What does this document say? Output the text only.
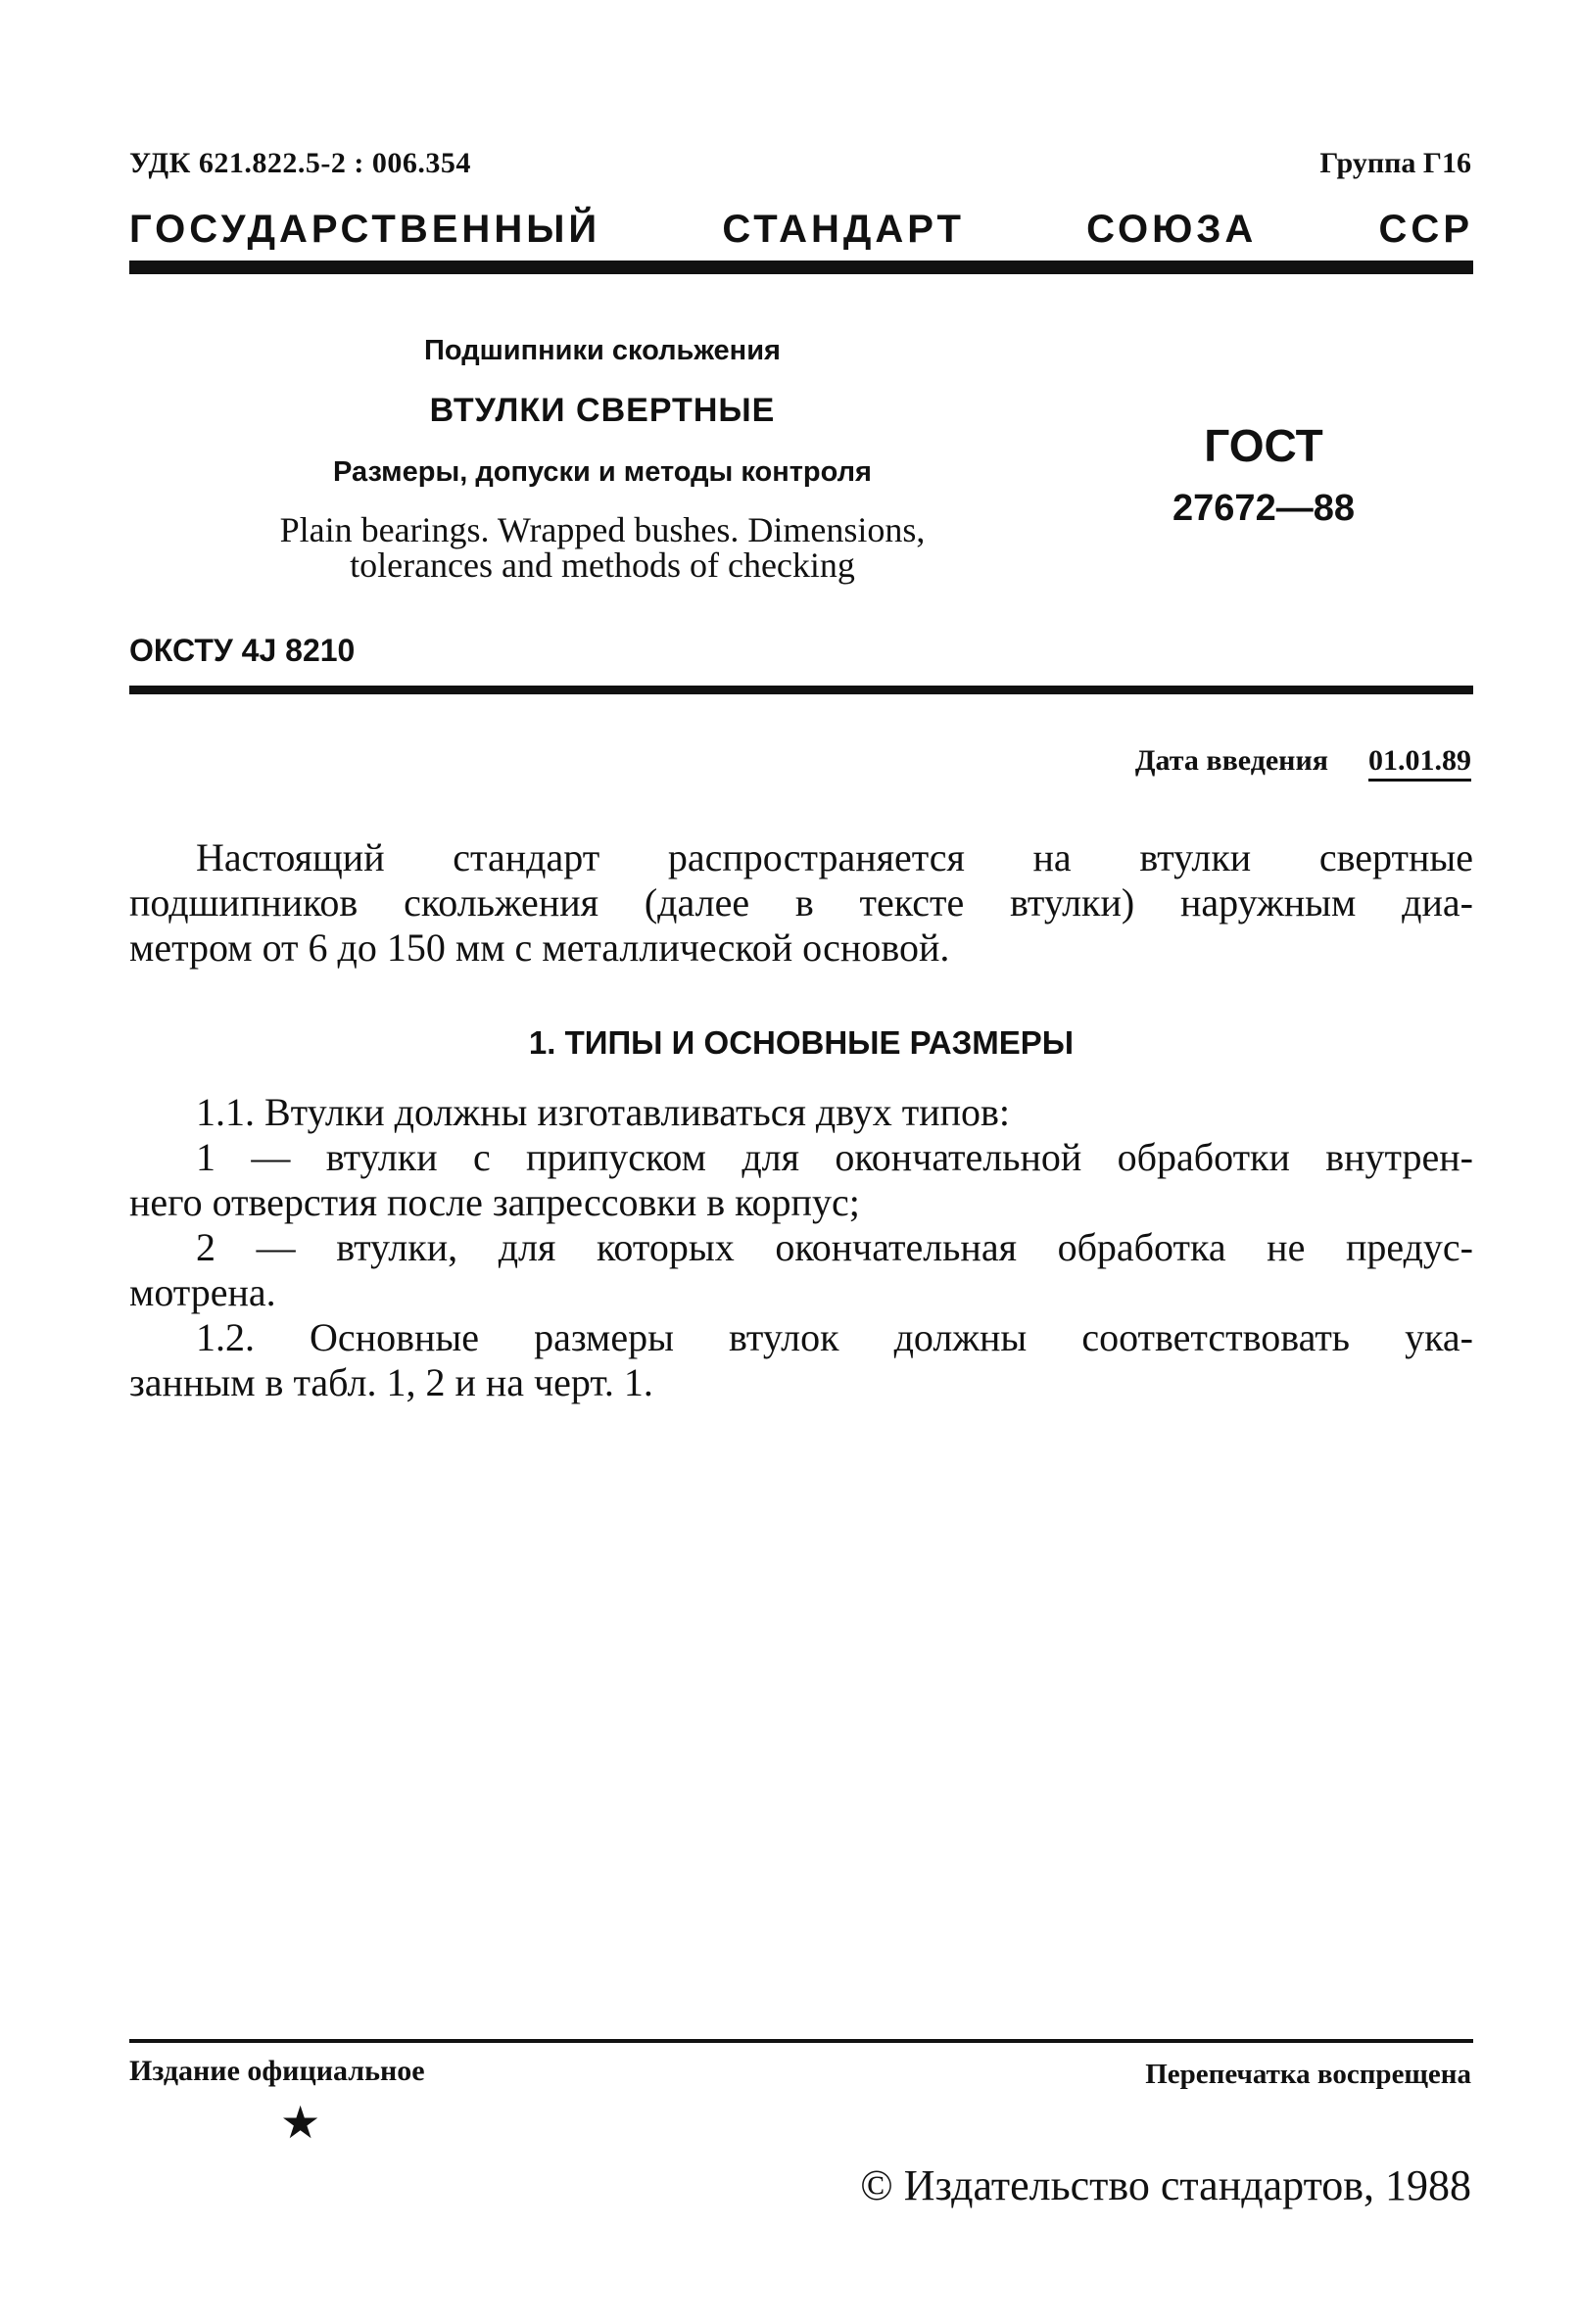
УДК 621.822.5-2 : 006.354	Группа Г16
ГОСУДАРСТВЕННЫЙ СТАНДАРТ СОЮЗА ССР
Подшипники скольжения
ВТУЛКИ СВЕРТНЫЕ
Размеры, допуски и методы контроля
Plain bearings. Wrapped bushes. Dimensions,
tolerances and methods of checking
ГОСТ
27672—88
ОКСТУ 4J 8210
Дата введения 01.01.89
Настоящий стандарт распространяется на втулки свертные
подшипников скольжения (далее в тексте втулки) наружным диа-
метром от 6 до 150 мм с металлической основой.
1. ТИПЫ И ОСНОВНЫЕ РАЗМЕРЫ
1.1. Втулки должны изготавливаться двух типов:
1 — втулки с припуском для окончательной обработки внутрен-
него отверстия после запрессовки в корпус;
2 — втулки, для которых окончательная обработка не предус-
мотрена.
1.2. Основные размеры втулок должны соответствовать ука-
занным в табл. 1, 2 и на черт. 1.
Издание официальное	Перепечатка воспрещена
★
© Издательство стандартов, 1988
